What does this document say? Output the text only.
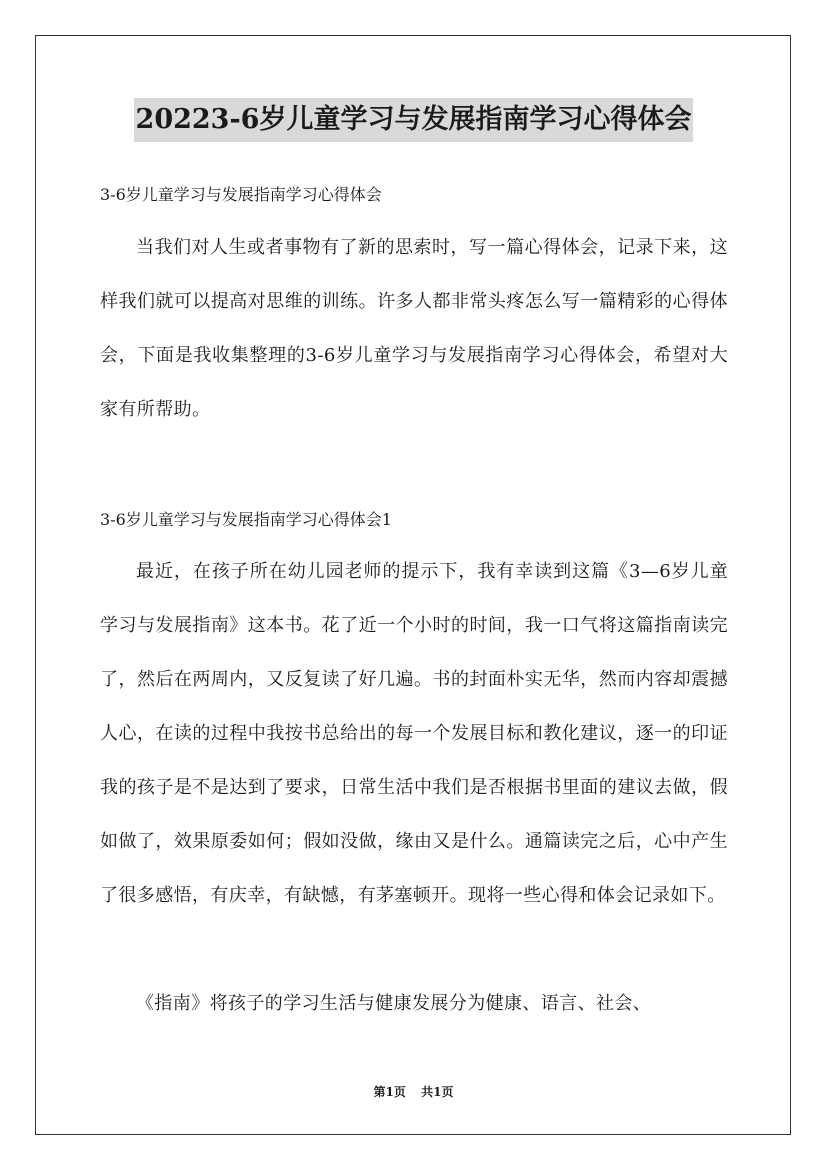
20223-6岁儿童学习与发展指南学习心得体会
3-6岁儿童学习与发展指南学习心得体会
当我们对人生或者事物有了新的思索时，写一篇心得体会，记录下来，这样我们就可以提高对思维的训练。许多人都非常头疼怎么写一篇精彩的心得体会，下面是我收集整理的3-6岁儿童学习与发展指南学习心得体会，希望对大家有所帮助。
3-6岁儿童学习与发展指南学习心得体会1
最近，在孩子所在幼儿园老师的提示下，我有幸读到这篇《3—6岁儿童学习与发展指南》这本书。花了近一个小时的时间，我一口气将这篇指南读完了，然后在两周内，又反复读了好几遍。书的封面朴实无华，然而内容却震撼人心，在读的过程中我按书总给出的每一个发展目标和教化建议，逐一的印证我的孩子是不是达到了要求，日常生活中我们是否根据书里面的建议去做，假如做了，效果原委如何；假如没做，缘由又是什么。通篇读完之后，心中产生了很多感悟，有庆幸，有缺憾，有茅塞顿开。现将一些心得和体会记录如下。
《指南》将孩子的学习生活与健康发展分为健康、语言、社会、
第1页 共1页
